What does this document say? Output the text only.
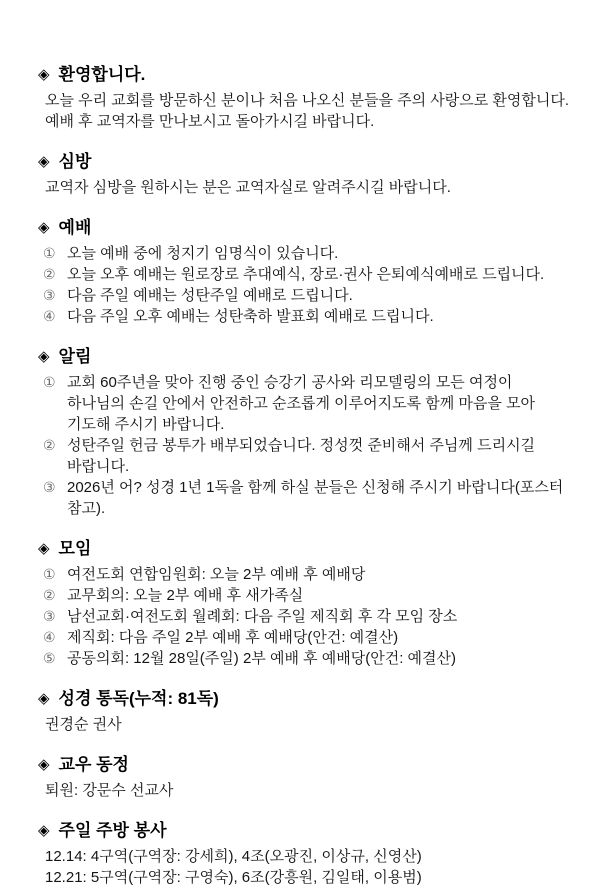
◈ 환영합니다.

오늘 우리 교회를 방문하신 분이나 처음 나오신 분들을 주의 사랑으로 환영합니다.

예배 후 교역자를 만나보시고 돌아가시길 바랍니다.

◈ 심방

교역자 심방을 원하시는 분은 교역자실로 알려주시길 바랍니다.

◈ 예배

① 오늘 예배 중에 청지기 임명식이 있습니다.

② 오늘 오후 예배는 원로장로 추대예식, 장로·권사 은퇴예식예배로 드립니다.

③ 다음 주일 예배는 성탄주일 예배로 드립니다.

④ 다음 주일 오후 예배는 성탄축하 발표회 예배로 드립니다.

◈ 알림

① 교회 60주년을 맞아 진행 중인 승강기 공사와 리모델링의 모든 여정이 하나님의 손길 안에서 안전하고 순조롭게 이루어지도록 함께 마음을 모아 기도해 주시기 바랍니다.

② 성탄주일 헌금 봉투가 배부되었습니다. 정성껏 준비해서 주님께 드리시길 바랍니다.

③ 2026년 어? 성경 1년 1독을 함께 하실 분들은 신청해 주시기 바랍니다(포스터 참고).

◈ 모임

① 여전도회 연합임원회: 오늘 2부 예배 후 예배당

② 교무회의: 오늘 2부 예배 후 새가족실

③ 남선교회·여전도회 월례회: 다음 주일 제직회 후 각 모임 장소

④ 제직회: 다음 주일 2부 예배 후 예배당(안건: 예결산)

⑤ 공동의회: 12월 28일(주일) 2부 예배 후 예배당(안건: 예결산)

◈ 성경 통독(누적: 81독)

권경순 권사

◈ 교우 동정

퇴원: 강문수 선교사

◈ 주일 주방 봉사

12.14: 4구역(구역장: 강세희), 4조(오광진, 이상규, 신영산)

12.21: 5구역(구역장: 구영숙), 6조(강흥원, 김일태, 이용범)
